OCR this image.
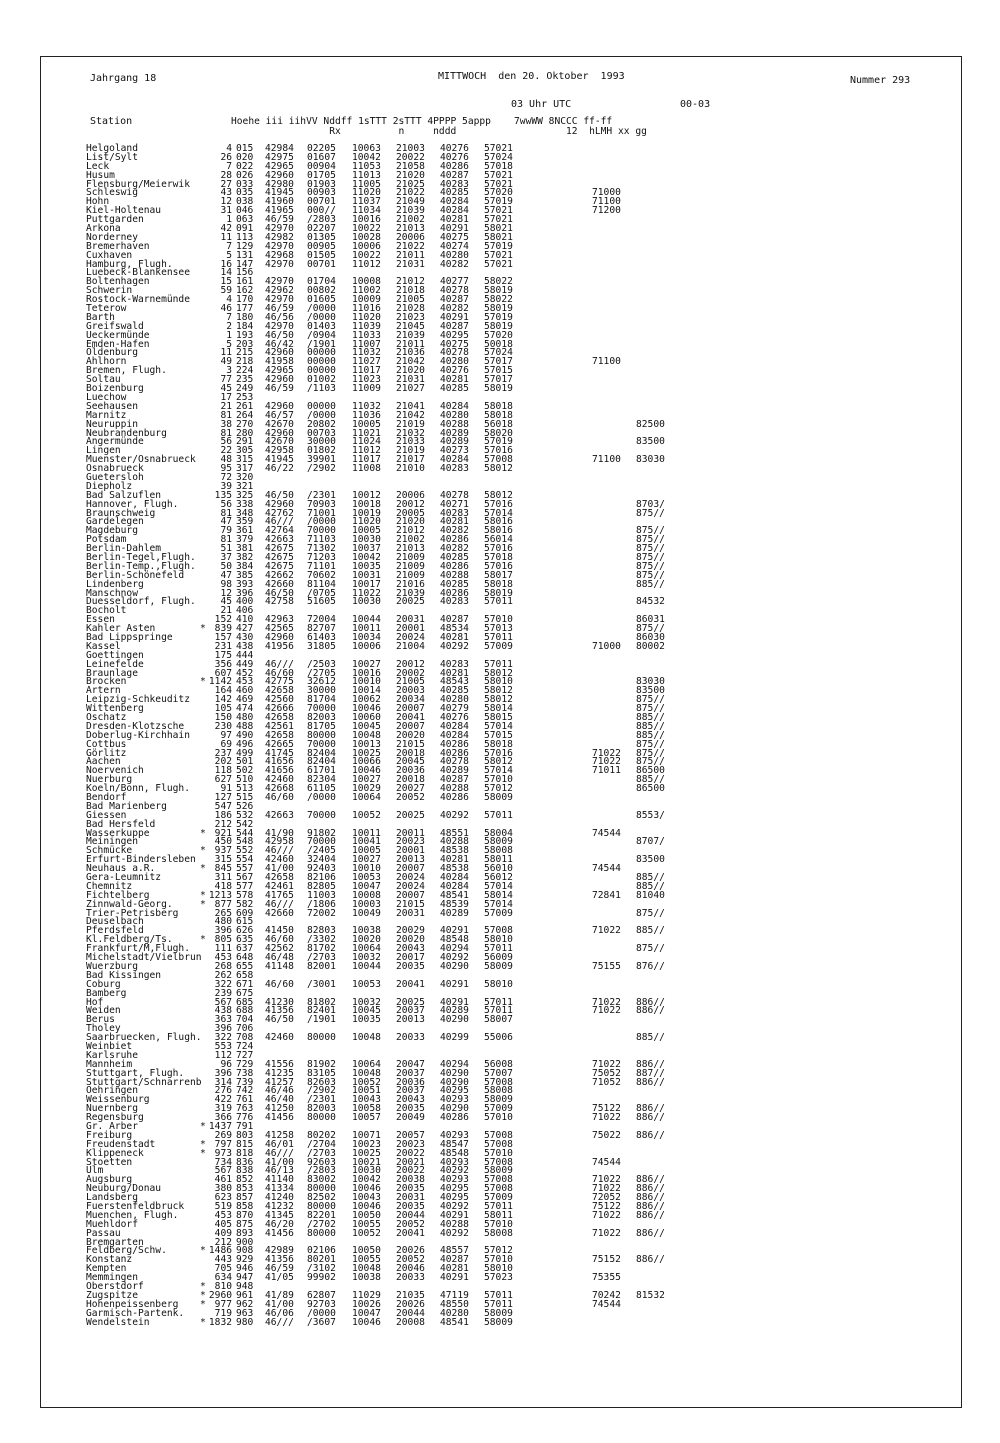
Jahrgang 18	MITTWOCH  den 20. Oktober  1993	Nummer 293
03 Uhr UTC	00-03
Station	Hoehe iii iihVV Nddff 1sTTT 2sTTT 4PPPP 5appp    7wwWW 8NCCC ff-ff
Rx          n     nddd                   12  hLMH xx gg
Helgoland	4 015 42984 02205 10063 21003 40276 57021
List/Sylt	26 020 42975 01607 10042 20022 40276 57024
Leck	7 022 42965 00904 11053 21058 40286 57018
Husum	28 026 42960 01705 11013 21020 40287 57021
Flensburg/Meierwik	27 033 42980 01903 11005 21025 40283 57021
Schleswig	43 035 41945 00903 11020 21022 40285 57020	71000
Hohn	12 038 41960 00701 11037 21049 40284 57019	71100
Kiel-Holtenau	31 046 41965 000// 11034 21039 40284 57021	71200
Puttgarden	1 063 46/59 /2803 10016 21002 40281 57021
Arkona	42 091 42970 02207 10022 21013 40291 58021
Norderney	11 113 42982 01305 10028 20006 40275 58021
Bremerhaven	7 129 42970 00905 10006 21022 40274 57019
Cuxhaven	5 131 42968 01505 10022 21011 40280 57021
Hamburg, Flugh.	16 147 42970 00701 11012 21031 40282 57021
Luebeck-Blankensee	14 156
Boltenhagen	15 161 42970 01704 10008 21012 40277 58022
Schwerin	59 162 42962 00802 11002 21018 40278 58019
Rostock-Warnemünde	4 170 42970 01605 10009 21005 40287 58022
Teterow	46 177 46/59 /0000 11016 21028 40282 58019
Barth	7 180 46/56 /0000 11020 21023 40291 57019
Greifswald	2 184 42970 01403 11039 21045 40287 58019
Ueckermünde	1 193 46/50 /0904 11033 21039 40295 57020
Emden-Hafen	5 203 46/42 /1901 11007 21011 40275 50018
Oldenburg	11 215 42960 00000 11032 21036 40278 57024
Ahlhorn	49 218 41958 00000 11027 21042 40280 57017	71100
Bremen, Flugh.	3 224 42965 00000 11017 21020 40276 57015
Soltau	77 235 42960 01002 11023 21031 40281 57017
Boizenburg	45 249 46/59 /1103 11009 21027 40285 58019
Luechow	17 253
Seehausen	21 261 42960 00000 11032 21041 40284 58018
Marnitz	81 264 46/57 /0000 11036 21042 40280 58018
Neuruppin	38 270 42670 20802 10005 21019 40288 56018	82500
Neubrandenburg	81 280 42960 00703 11021 21032 40289 58020
Angermünde	56 291 42670 30000 11024 21033 40289 57019	83500
Lingen	22 305 42958 01802 11012 21019 40273 57016
Muenster/Osnabrueck	48 315 41945 39901 11017 21017 40284 57008	71100 83030
Osnabrueck	95 317 46/22 /2902 11008 21010 40283 58012
Guetersloh	72 320
Diepholz	39 321
Bad Salzuflen	135 325 46/50 /2301 10012 20006 40278 58012
Hannover, Flugh.	56 338 42960 70903 10018 20012 40271 57016	8703/
Braunschweig	81 348 42762 71001 10019 20005 40283 57014	875//
Gardelegen	47 359 46/// /0000 11020 21020 40281 58016
Magdeburg	79 361 42764 70000 10005 21012 40282 58016	875//
Potsdam	81 379 42663 71103 10030 21002 40286 56014	875//
Berlin-Dahlem	51 381 42675 71302 10037 21013 40282 57016	875//
Berlin-Tegel,Flugh.	37 382 42675 71203 10042 21009 40285 57018	875//
Berlin-Temp.,Flugh.	50 384 42675 71101 10035 21009 40286 57016	875//
Berlin-Schönefeld	47 385 42662 70602 10031 21009 40288 58017	875//
Lindenberg	98 393 42660 81104 10017 21016 40285 58018	885//
Manschnow	12 396 46/50 /0705 11022 21039 40286 58019
Duesseldorf, Flugh.	45 400 42758 51605 10030 20025 40283 57011	84532
Bocholt	21 406
Essen	152 410 42963 72004 10044 20031 40287 57010	86031
Kahler Asten	* 839 427 42565 82707 10011 20001 48534 57013	875//
Bad Lippspringe	157 430 42960 61403 10034 20024 40281 57011	86030
Kassel	231 438 41956 31805 10006 21004 40292 57009	71000 80002
Goettingen	175 444
Leinefelde	356 449 46/// /2503 10027 20012 40283 57011
Braunlage	607 452 46/60 /2705 10016 20002 40281 58012
Brocken	* 1142 453 42775 32612 10010 21005 48543 58010	83030
Artern	164 460 42658 30000 10014 20003 40285 58012	83500
Leipzig-Schkeuditz	142 469 42560 81704 10062 20034 40280 58012	875//
Wittenberg	105 474 42666 70000 10046 20007 40279 58014	875//
Oschatz	150 480 42658 82003 10060 20041 40276 58015	885//
Dresden-Klotzsche	230 488 42561 81705 10045 20007 40284 57014	885//
Doberlug-Kirchhain	97 490 42658 80000 10048 20020 40284 57015	885//
Cottbus	69 496 42665 70000 10013 21015 40286 58018	875//
Görlitz	237 499 41745 82404 10025 20018 40286 57016	71022 875//
Aachen	202 501 41656 82404 10066 20045 40278 58012	71022 875//
Noervenich	118 502 41656 61701 10046 20036 40289 57014	71011 86500
Nuerburg	627 510 42460 82304 10027 20018 40287 57010	885//
Koeln/Bonn, Flugh.	91 513 42668 61105 10029 20027 40288 57012	86500
Bendorf	127 515 46/60 /0000 10064 20052 40286 58009
Bad Marienberg	547 526
Giessen	186 532 42663 70000 10052 20025 40292 57011	8553/
Bad Hersfeld	212 542
Wasserkuppe	* 921 544 41/90 91802 10011 20011 48551 58004	74544
Meiningen	450 548 42958 70000 10041 20023 40288 58009	8707/
Schmücke	* 937 552 46/// /2405 10005 20001 48538 58008
Erfurt-Bindersleben	315 554 42460 32404 10027 20013 40281 58011	83500
Neuhaus a.R.	* 845 557 41/00 92403 10010 20007 48538 56010	74544
Gera-Leumnitz	311 567 42658 82106 10053 20024 40284 56012	885//
Chemnitz	418 577 42461 82805 10047 20024 40284 57014	885//
Fichtelberg	* 1213 578 41765 11003 10008 20007 48541 58014	72841 81040
Zinnwald-Georg.	* 877 582 46/// /1806 10003 21015 48539 57014
Trier-Petrisberg	265 609 42660 72002 10049 20031 40289 57009	875//
Deuselbach	480 615
Pferdsfeld	396 626 41450 82803 10038 20029 40291 57008	71022 885//
Kl.Feldberg/Ts.	* 805 635 46/60 /3302 10020 20020 48548 58010
Frankfurt/M,Flugh.	111 637 42562 81702 10064 20043 40294 57011	875//
Michelstadt/Vielbrun	453 648 46/48 /2703 10032 20017 40292 56009
Wuerzburg	268 655 41148 82001 10044 20035 40290 58009	75155 876//
Bad Kissingen	262 658
Coburg	322 671 46/60 /3001 10053 20041 40291 58010
Bamberg	239 675
Hof	567 685 41230 81802 10032 20025 40291 57011	71022 886//
Weiden	438 688 41356 82401 10045 20037 40289 57011	71022 886//
Berus	363 704 46/50 /1901 10035 20013 40290 58007
Tholey	396 706
Saarbruecken, Flugh.	322 708 42460 80000 10048 20033 40299 55006	885//
Weinbiet	553 724
Karlsruhe	112 727
Mannheim	96 729 41556 81902 10064 20047 40294 56008	71022 886//
Stuttgart, Flugh.	396 738 41235 83105 10048 20037 40290 57007	75052 887//
Stuttgart/Schnarrenb	314 739 41257 82603 10052 20036 40290 57008	71052 886//
Oehringen	276 742 46/46 /2902 10051 20037 40295 58008
Weissenburg	422 761 46/40 /2301 10043 20043 40293 58009
Nuernberg	319 763 41250 82003 10058 20035 40290 57009	75122 886//
Regensburg	366 776 41456 80000 10057 20049 40286 57010	71022 886//
Gr. Arber	* 1437 791
Freiburg	269 803 41258 80202 10071 20057 40293 57008	75022 886//
Freudenstadt	* 797 815 46/01 /2704 10023 20023 48547 57008
Klippeneck	* 973 818 46/// /2703 10025 20022 48548 57010
Stoetten	734 836 41/00 92603 10021 20021 40293 57008	74544
Ulm	567 838 46/13 /2803 10030 20022 40292 58009
Augsburg	461 852 41140 83002 10042 20038 40293 57008	71022 886//
Neuburg/Donau	380 853 41334 80000 10046 20035 40295 57008	71022 886//
Landsberg	623 857 41240 82502 10043 20031 40295 57009	72052 886//
Fuerstenfeldbruck	519 858 41232 80000 10046 20035 40292 57011	75122 886//
Muenchen, Flugh.	453 870 41345 82201 10050 20044 40291 58011	71022 886//
Muehldorf	405 875 46/20 /2702 10055 20052 40288 57010
Passau	409 893 41456 80000 10052 20041 40292 58008	71022 886//
Bremgarten	212 900
Feldberg/Schw.	* 1486 908 42989 02106 10050 20026 48557 57012
Konstanz	443 929 41356 80201 10055 20052 40287 57010	75152 886//
Kempten	705 946 46/59 /3102 10048 20046 40281 58010
Memmingen	634 947 41/05 99902 10038 20033 40291 57023	75355
Oberstdorf	* 810 948
Zugspitze	* 2960 961 41/89 62807 11029 21035 47119 57011	70242 81532
Hohenpeissenberg * 977 962 41/00 92703 10026 20026 48550 57011	74544
Garmisch-Partenk.	719 963 46/06 /0000 10047 20044 40280 58009
Wendelstein	* 1832 980 46/// /3607 10046 20008 48541 58009
